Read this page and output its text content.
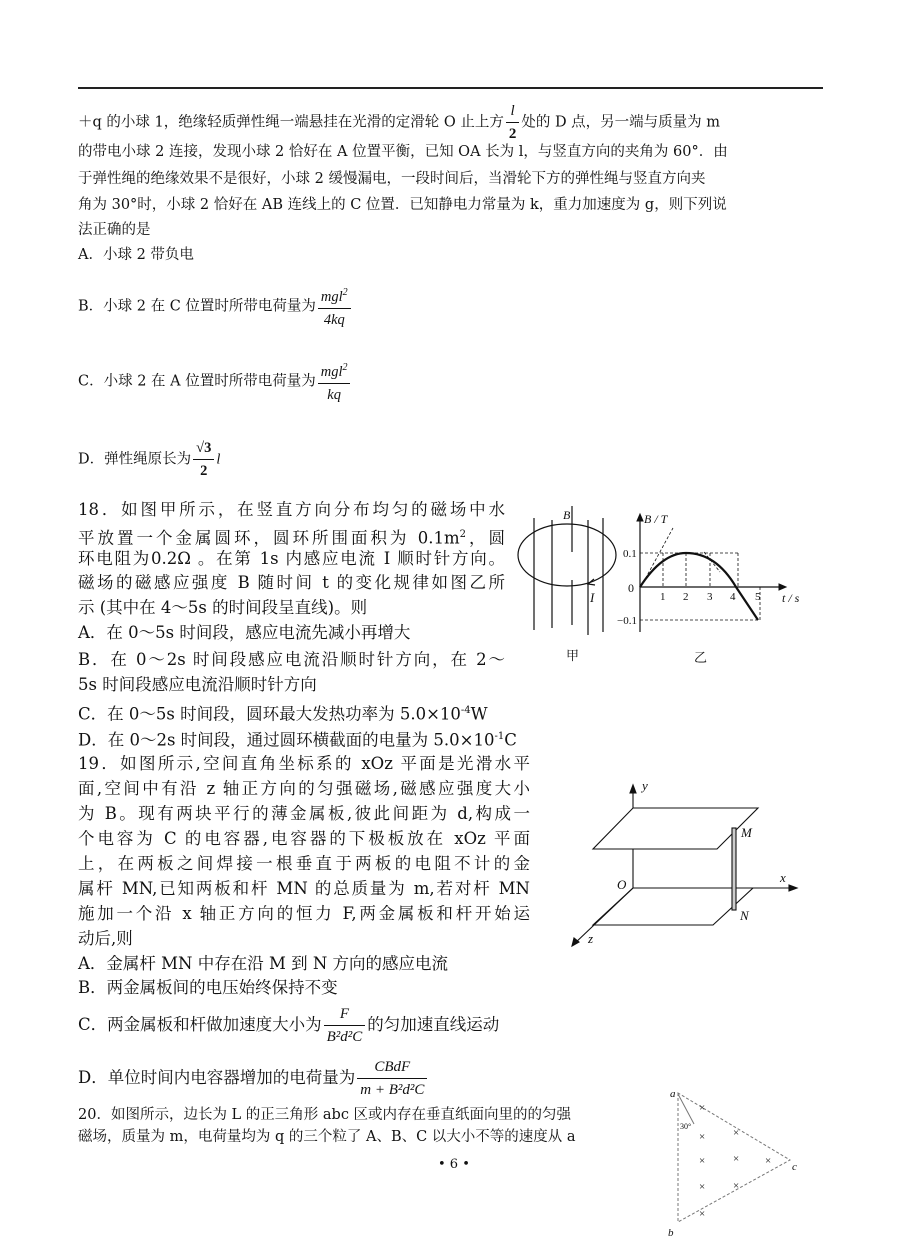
＋q 的小球 1，绝缘轻质弹性绳一端悬挂在光滑的定滑轮 O 止上方 $\frac{l}{2}$ 处的 D 点，另一端与质量为 m
的带电小球 2 连接，发现小球 2 恰好在 A 位置平衡，已知 OA 长为 l，与竖直方向的夹角为 60°．由
于弹性绳的绝缘效果不是很好，小球 2 缓慢漏电，一段时间后，当滑轮下方的弹性绳与竖直方向夹
角为 30°时，小球 2 恰好在 AB 连线上的 C 位置．已知静电力常量为 k，重力加速度为 g，则下列说
法正确的是
A．小球 2 带负电
B．小球 2 在 C 位置时所带电荷量为 $\frac{mgl^2}{4kq}$
C．小球 2 在 A 位置时所带电荷量为 $\frac{mgl^2}{kq}$
D．弹性绳原长为 $\frac{√3}{2}$ l
18．如图甲所示，在竖直方向分布均匀的磁场中水
平放置一个金属圆环，圆环所围面积为 $0.1m^2$，圆
环电阻为0.2Ω 。在第 1s 内感应电流 I 顺时针方向。
磁场的磁感应强度 B 随时间 t 的变化规律如图乙所
示 (其中在 4～5s 的时间段呈直线)。则
A．在 0～5s 时间段，感应电流先减小再增大
B．在 0～2s 时间段感应电流沿顺时针方向，在 2～
5s 时间段感应电流沿顺时针方向
C．在 0～5s 时间段，圆环最大发热功率为 $5.0\times 10^{-4}W$
D．在 0～2s 时间段，通过圆环横截面的电量为 $5.0\times 10^{-1}C$
19．如图所示,空间直角坐标系的 xOz 平面是光滑水平
面,空间中有沿 z 轴正方向的匀强磁场,磁感应强度大小
为 B。现有两块平行的薄金属板,彼此间距为 d,构成一
个电容为 C 的电容器,电容器的下极板放在 xOz 平面
上，在两板之间焊接一根垂直于两板的电阻不计的金
属杆 MN,已知两板和杆 MN 的总质量为 m,若对杆 MN
施加一个沿 x 轴正方向的恒力 F,两金属板和杆开始运
动后,则
A．金属杆 MN 中存在沿 M 到 N 方向的感应电流
B．两金属板间的电压始终保持不变
C．两金属板和杆做加速度大小为 $\frac{F}{\text{B²d²C}}$ 的匀加速直线运动
D．单位时间内电容器增加的电荷量为 $\frac{\text{CBdF}}{\text{m + B²d²C}}$
20．如图所示，边长为 L 的正三角形 abc 区或内存在垂直纸面向里的的匀强
磁场，质量为 m，电荷量均为 q 的三个粒了 A、B、C 以大小不等的速度从 a
• 6 •
B
I
甲
B / T
t / s
0.1
0
−0.1
1 2 3 4 5
乙
y
x
z
O
M
N
a
b
c
30°
×
×	×
×	× ×
×	×
×
